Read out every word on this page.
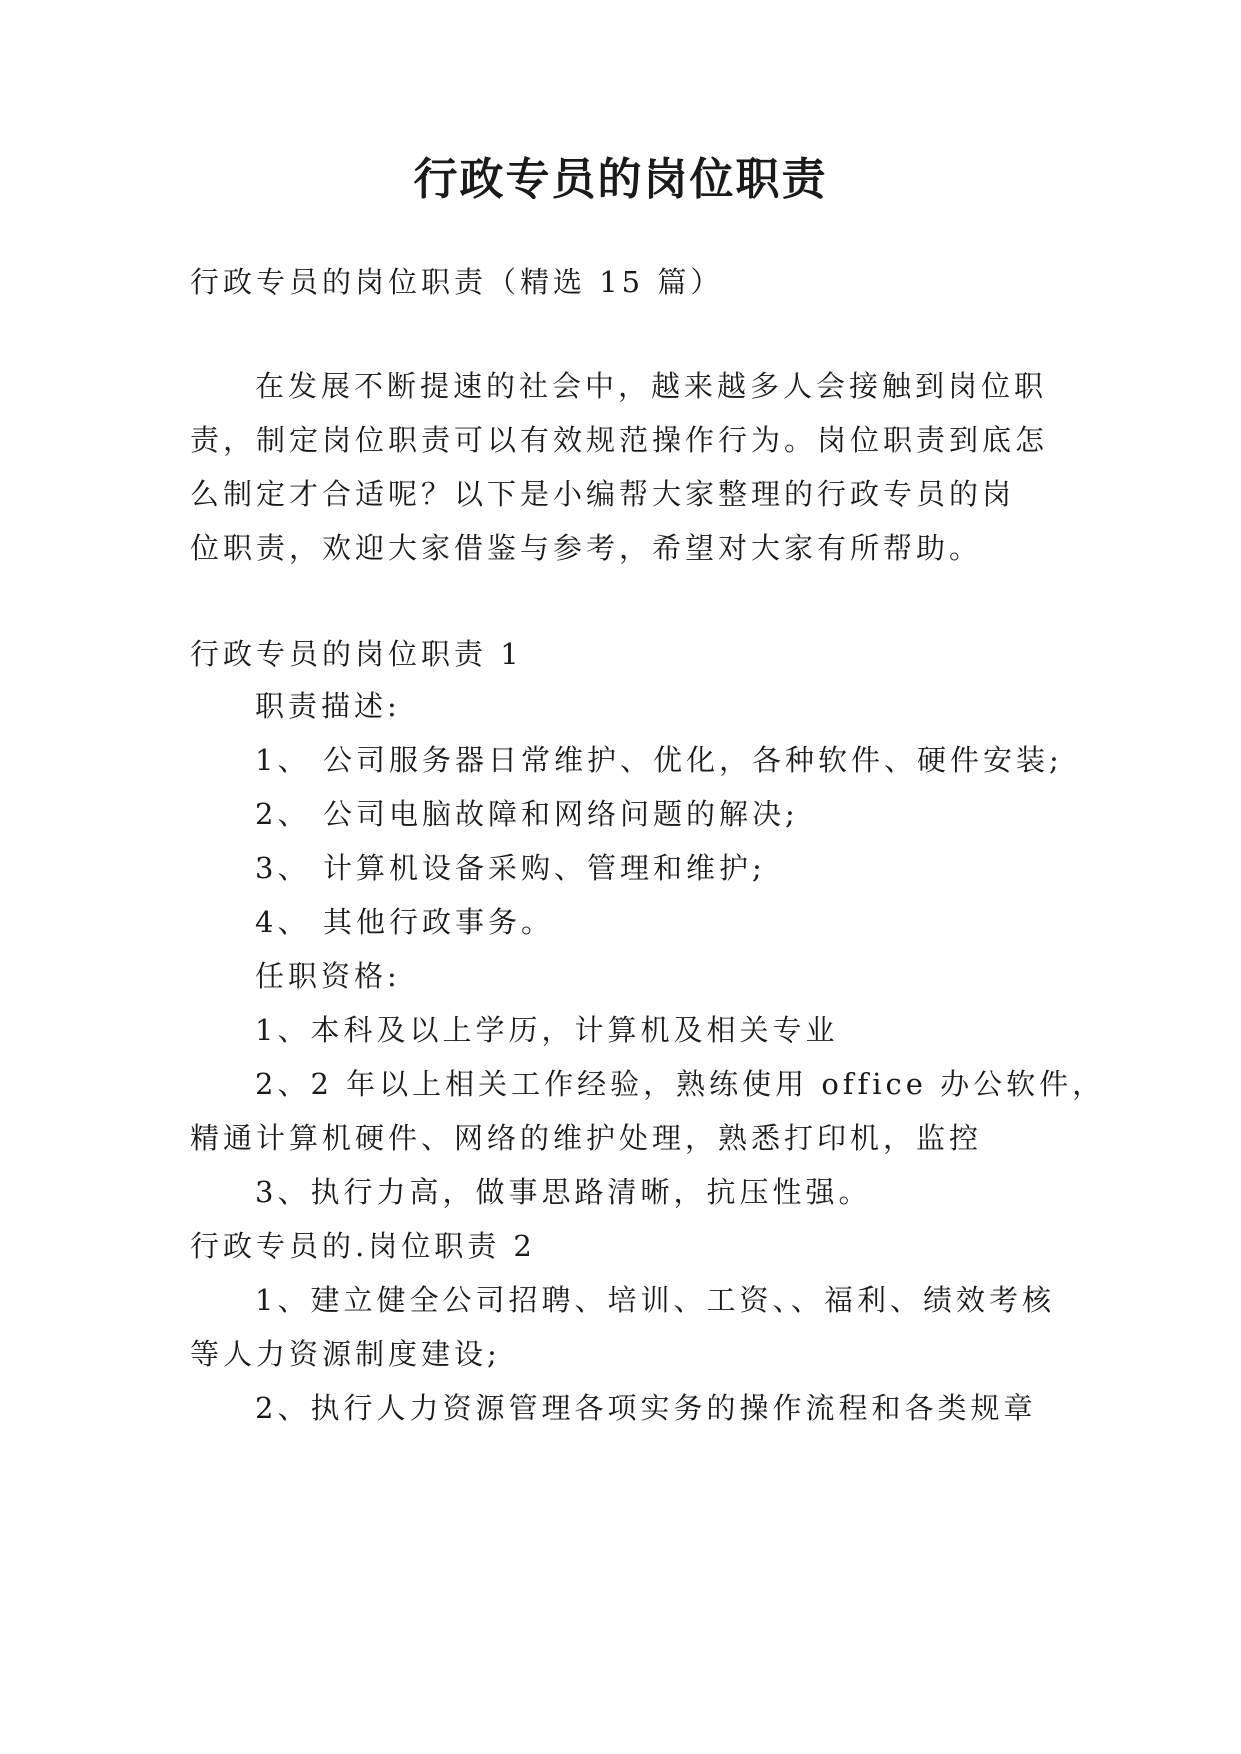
行政专员的岗位职责

行政专员的岗位职责（精选 15 篇）

在发展不断提速的社会中，越来越多人会接触到岗位职

责，制定岗位职责可以有效规范操作行为。岗位职责到底怎

么制定才合适呢？以下是小编帮大家整理的行政专员的岗

位职责，欢迎大家借鉴与参考，希望对大家有所帮助。

行政专员的岗位职责 1

职责描述:

1、 公司服务器日常维护、优化，各种软件、硬件安装;

2、 公司电脑故障和网络问题的解决;

3、 计算机设备采购、管理和维护;

4、 其他行政事务。

任职资格:

1、本科及以上学历，计算机及相关专业

2、2 年以上相关工作经验，熟练使用 office 办公软件，

精通计算机硬件、网络的维护处理，熟悉打印机，监控

3、执行力高，做事思路清晰，抗压性强。

行政专员的.岗位职责 2

1、建立健全公司招聘、培训、工资、、福利、绩效考核

等人力资源制度建设;

2、执行人力资源管理各项实务的操作流程和各类规章
